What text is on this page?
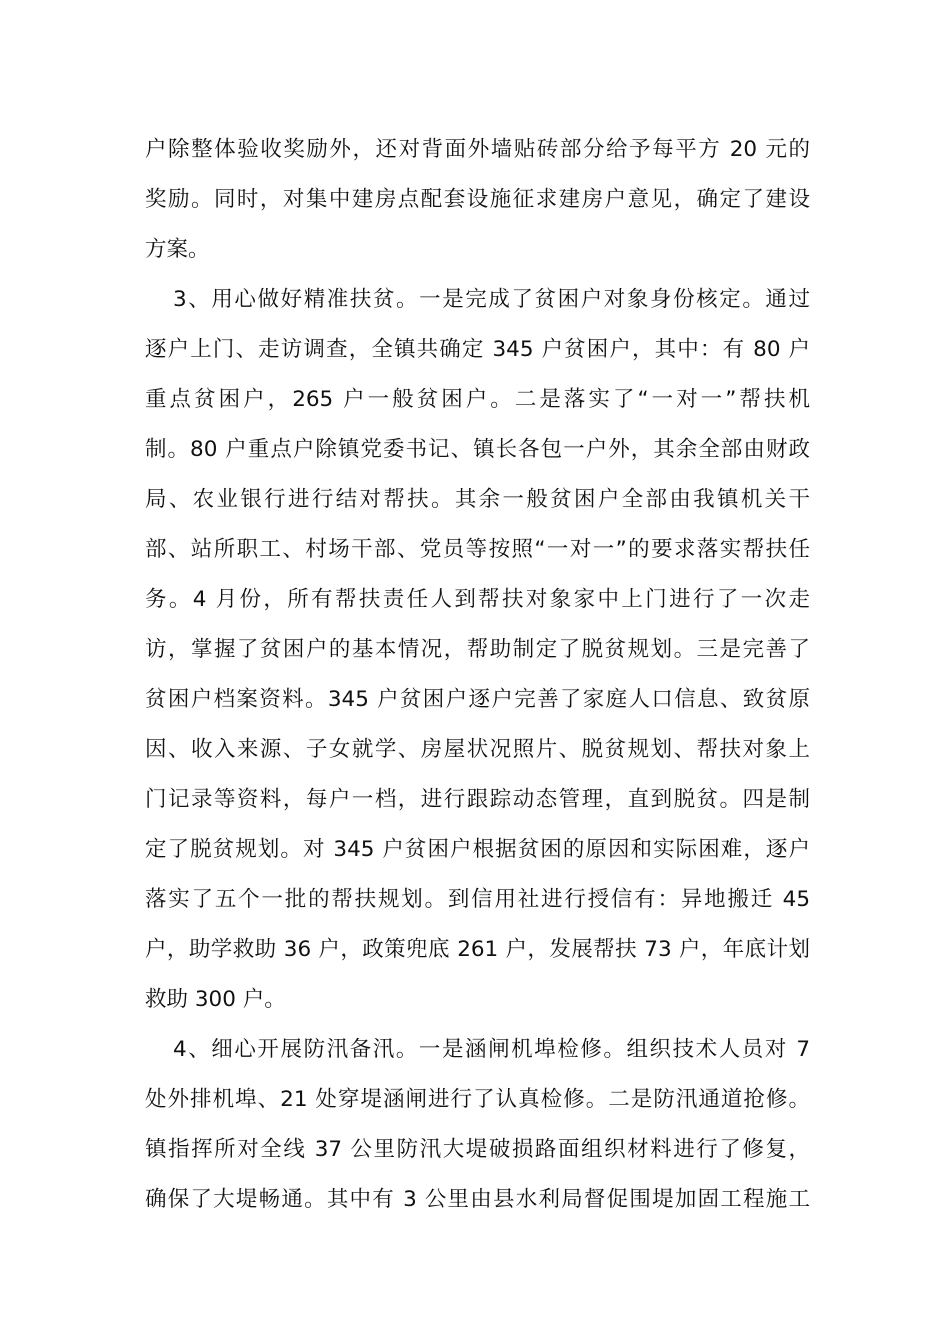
户除整体验收奖励外，还对背面外墙贴砖部分给予每平方 20 元的
奖励。同时，对集中建房点配套设施征求建房户意见，确定了建设
方案。
3、用心做好精准扶贫。一是完成了贫困户对象身份核定。通过
逐户上门、走访调查，全镇共确定 345 户贫困户，其中：有 80 户
重点贫困户，265 户一般贫困户。二是落实了“一对一”帮扶机
制。80 户重点户除镇党委书记、镇长各包一户外，其余全部由财政
局、农业银行进行结对帮扶。其余一般贫困户全部由我镇机关干
部、站所职工、村场干部、党员等按照“一对一”的要求落实帮扶任
务。4 月份，所有帮扶责任人到帮扶对象家中上门进行了一次走
访，掌握了贫困户的基本情况，帮助制定了脱贫规划。三是完善了
贫困户档案资料。345 户贫困户逐户完善了家庭人口信息、致贫原
因、收入来源、子女就学、房屋状况照片、脱贫规划、帮扶对象上
门记录等资料，每户一档，进行跟踪动态管理，直到脱贫。四是制
定了脱贫规划。对 345 户贫困户根据贫困的原因和实际困难，逐户
落实了五个一批的帮扶规划。到信用社进行授信有：异地搬迁 45
户，助学救助 36 户，政策兜底 261 户，发展帮扶 73 户，年底计划
救助 300 户。
4、细心开展防汛备汛。一是涵闸机埠检修。组织技术人员对 7
处外排机埠、21 处穿堤涵闸进行了认真检修。二是防汛通道抢修。
镇指挥所对全线 37 公里防汛大堤破损路面组织材料进行了修复，
确保了大堤畅通。其中有 3 公里由县水利局督促围堤加固工程施工
